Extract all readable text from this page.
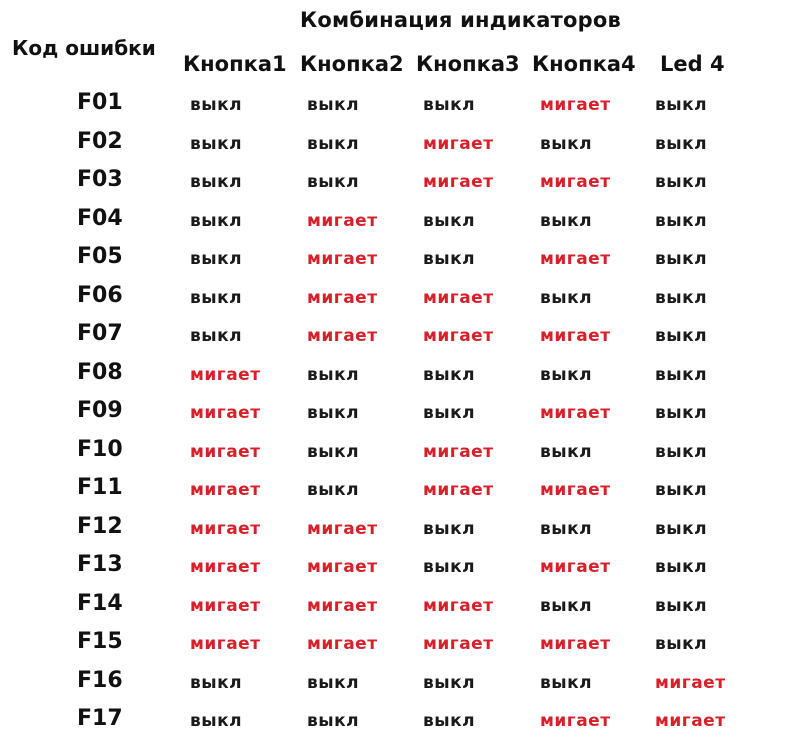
Комбинация индикаторов
Код ошибки
Кнопка1 Кнопка2 Кнопка3 Кнопка4 Led 4
F01	выкл	выкл	выкл	мигает	выкл
F02	выкл	выкл	мигает	выкл	выкл
F03	выкл	выкл	мигает	мигает	выкл
F04	выкл	мигает	выкл	выкл	выкл
F05	выкл	мигает	выкл	мигает	выкл
F06	выкл	мигает	мигает	выкл	выкл
F07	выкл	мигает	мигает	мигает	выкл
F08	мигает	выкл	выкл	выкл	выкл
F09	мигает	выкл	выкл	мигает	выкл
F10	мигает	выкл	мигает	выкл	выкл
F11	мигает	выкл	мигает	мигает	выкл
F12	мигает	мигает	выкл	выкл	выкл
F13	мигает	мигает	выкл	мигает	выкл
F14	мигает	мигает	мигает	выкл	выкл
F15	мигает	мигает	мигает	мигает	выкл
F16	выкл	выкл	выкл	выкл	мигает
F17	выкл	выкл	выкл	мигает	мигает
